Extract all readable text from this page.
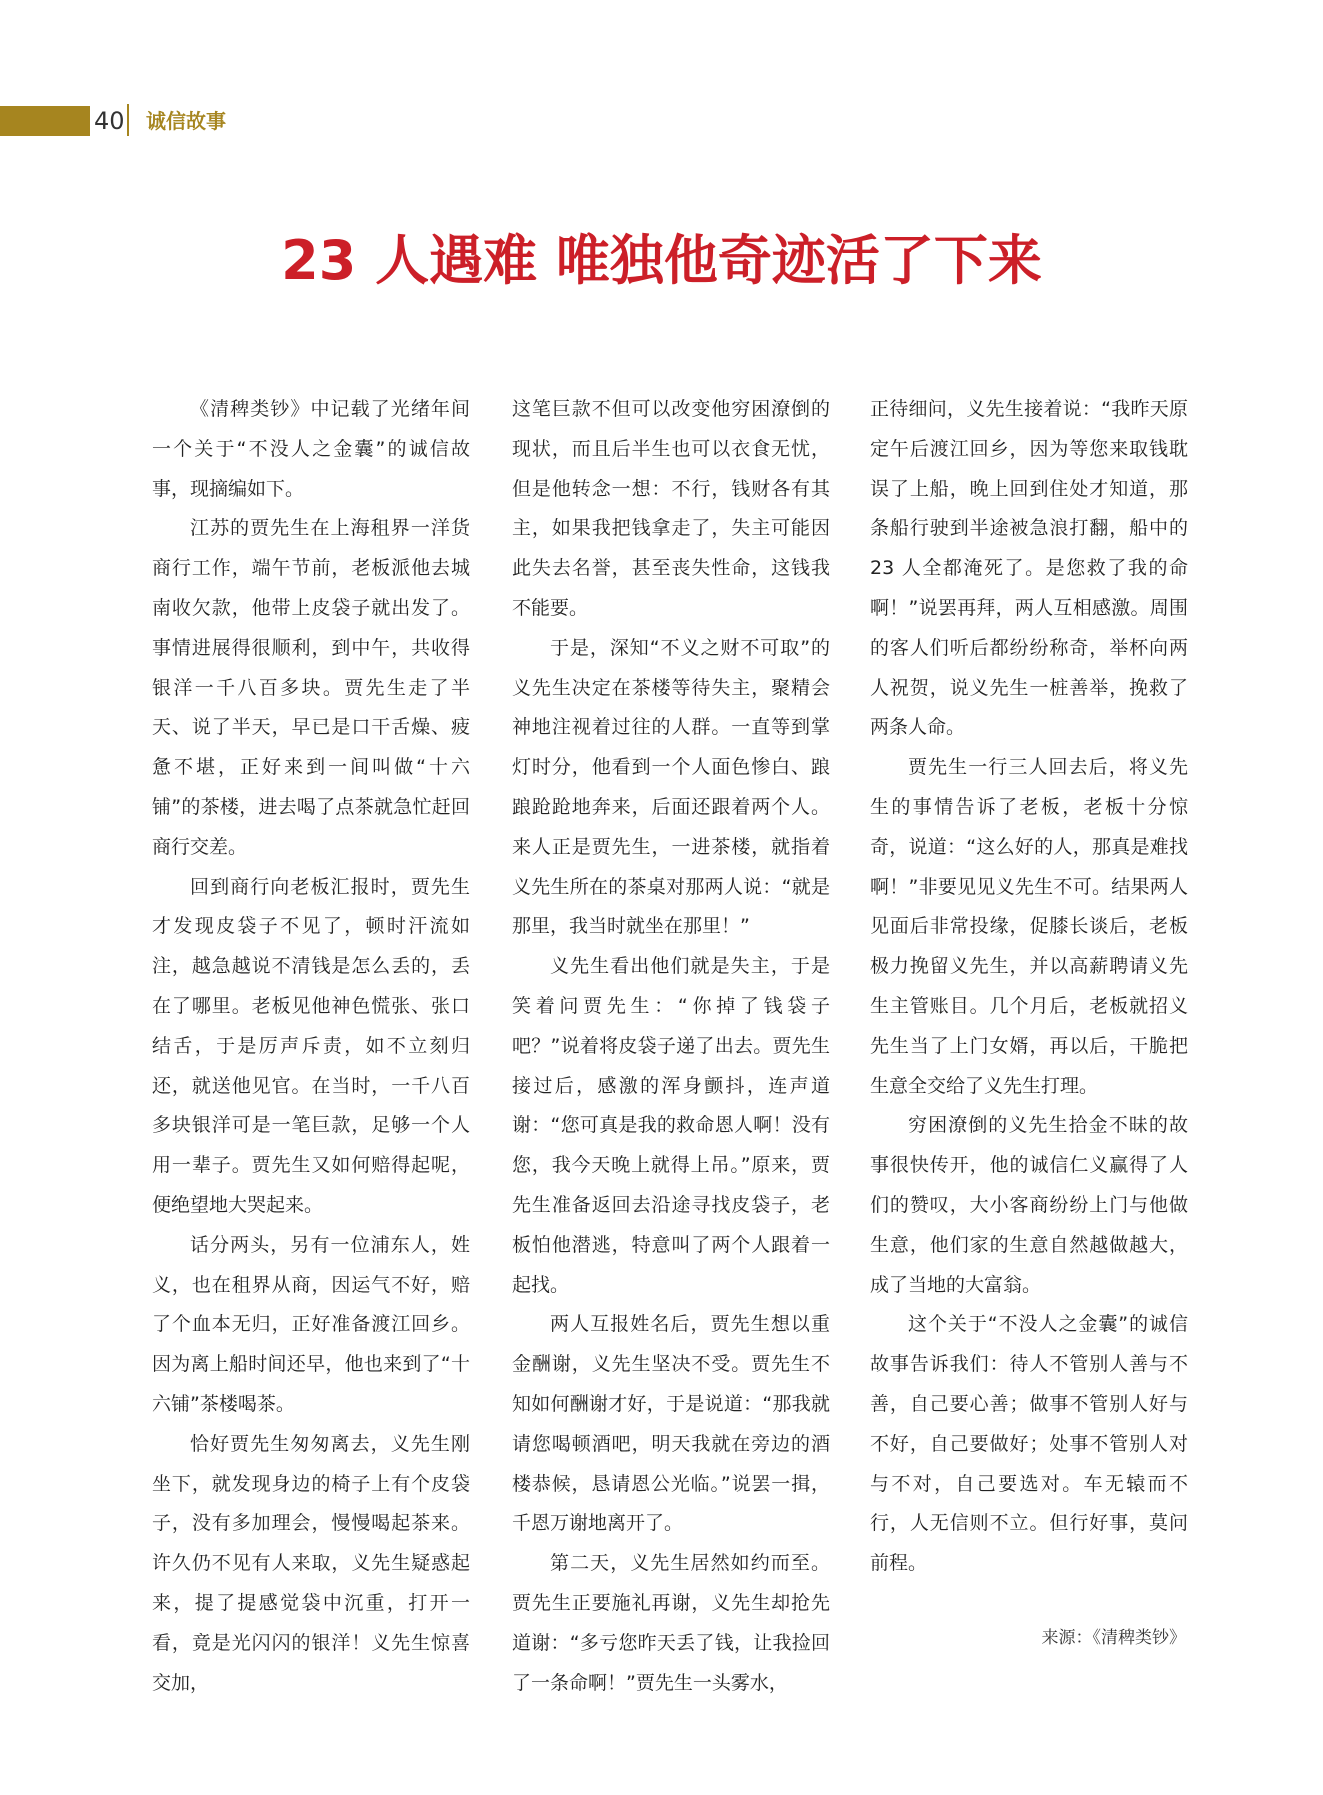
40 诚信故事
23 人遇难 唯独他奇迹活了下来

《清稗类钞》中记载了光绪年间一个关于“不没人之金囊”的诚信故事，现摘编如下。

江苏的贾先生在上海租界一洋货商行工作，端午节前，老板派他去城南收欠款，他带上皮袋子就出发了。事情进展得很顺利，到中午，共收得银洋一千八百多块。贾先生走了半天、说了半天，早已是口干舌燥、疲惫不堪，正好来到一间叫做“十六铺”的茶楼，进去喝了点茶就急忙赶回商行交差。

回到商行向老板汇报时，贾先生才发现皮袋子不见了，顿时汗流如注，越急越说不清钱是怎么丢的，丢在了哪里。老板见他神色慌张、张口结舌，于是厉声斥责，如不立刻归还，就送他见官。在当时，一千八百多块银洋可是一笔巨款，足够一个人用一辈子。贾先生又如何赔得起呢，便绝望地大哭起来。

话分两头，另有一位浦东人，姓义，也在租界从商，因运气不好，赔了个血本无归，正好准备渡江回乡。因为离上船时间还早，他也来到了“十六铺”茶楼喝茶。

恰好贾先生匆匆离去，义先生刚坐下，就发现身边的椅子上有个皮袋子，没有多加理会，慢慢喝起茶来。许久仍不见有人来取，义先生疑惑起来，提了提感觉袋中沉重，打开一看，竟是光闪闪的银洋！义先生惊喜交加，

这笔巨款不但可以改变他穷困潦倒的现状，而且后半生也可以衣食无忧，但是他转念一想：不行，钱财各有其主，如果我把钱拿走了，失主可能因此失去名誉，甚至丧失性命，这钱我不能要。

于是，深知“不义之财不可取”的义先生决定在茶楼等待失主，聚精会神地注视着过往的人群。一直等到掌灯时分，他看到一个人面色惨白、踉踉跄跄地奔来，后面还跟着两个人。来人正是贾先生，一进茶楼，就指着义先生所在的茶桌对那两人说：“就是那里，我当时就坐在那里！”

义先生看出他们就是失主，于是笑着问贾先生：“你掉了钱袋子吧？”说着将皮袋子递了出去。贾先生接过后，感激的浑身颤抖，连声道谢：“您可真是我的救命恩人啊！没有您，我今天晚上就得上吊。”原来，贾先生准备返回去沿途寻找皮袋子，老板怕他潜逃，特意叫了两个人跟着一起找。

两人互报姓名后，贾先生想以重金酬谢，义先生坚决不受。贾先生不知如何酬谢才好，于是说道：“那我就请您喝顿酒吧，明天我就在旁边的酒楼恭候，恳请恩公光临。”说罢一揖，千恩万谢地离开了。

第二天，义先生居然如约而至。贾先生正要施礼再谢，义先生却抢先道谢：“多亏您昨天丢了钱，让我捡回了一条命啊！”贾先生一头雾水，

正待细问，义先生接着说：“我昨天原定午后渡江回乡，因为等您来取钱耽误了上船，晚上回到住处才知道，那条船行驶到半途被急浪打翻，船中的 23 人全都淹死了。是您救了我的命啊！”说罢再拜，两人互相感激。周围的客人们听后都纷纷称奇，举杯向两人祝贺，说义先生一桩善举，挽救了两条人命。

贾先生一行三人回去后，将义先生的事情告诉了老板，老板十分惊奇，说道：“这么好的人，那真是难找啊！”非要见见义先生不可。结果两人见面后非常投缘，促膝长谈后，老板极力挽留义先生，并以高薪聘请义先生主管账目。几个月后，老板就招义先生当了上门女婿，再以后，干脆把生意全交给了义先生打理。

穷困潦倒的义先生拾金不昧的故事很快传开，他的诚信仁义赢得了人们的赞叹，大小客商纷纷上门与他做生意，他们家的生意自然越做越大，成了当地的大富翁。

这个关于“不没人之金囊”的诚信故事告诉我们：待人不管别人善与不善，自己要心善；做事不管别人好与不好，自己要做好；处事不管别人对与不对，自己要选对。车无辕而不行，人无信则不立。但行好事，莫问前程。

来源：《清稗类钞》
